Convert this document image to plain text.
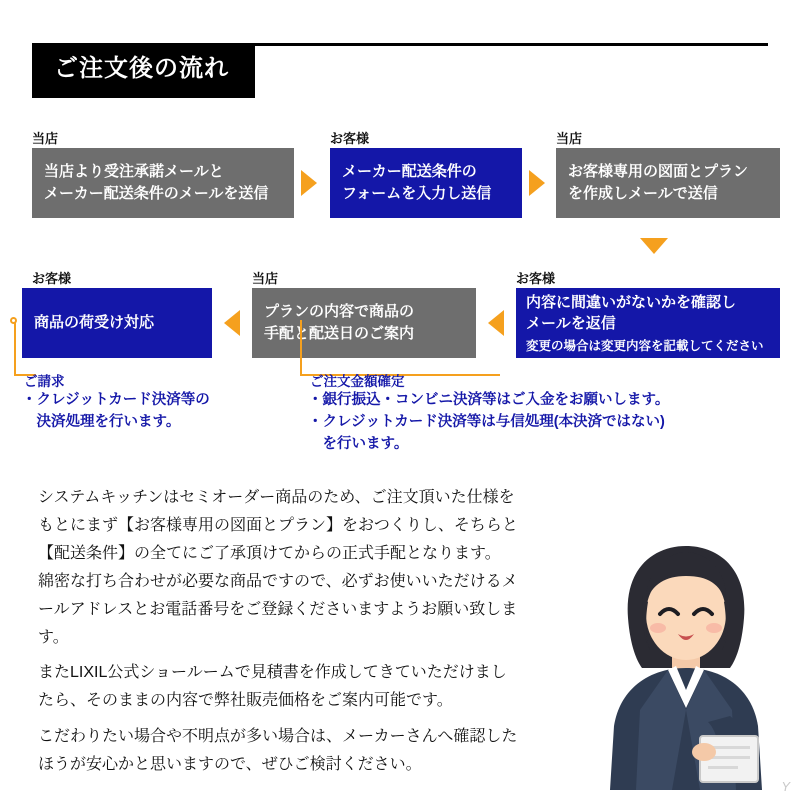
ご注文後の流れ
当店
当店より受注承諾メールと
メーカー配送条件のメールを送信
お客様
メーカー配送条件の
フォームを入力し送信
当店
お客様専用の図面とプラン
を作成しメールで送信
お客様
商品の荷受け対応
当店
プランの内容で商品の
手配と配送日のご案内
お客様
内容に間違いがないかを確認し
メールを返信
変更の場合は変更内容を記載してください
ご請求
・クレジットカード決済等の
　決済処理を行います。
ご注文金額確定
・銀行振込・コンビニ決済等はご入金をお願いします。
・クレジットカード決済等は与信処理(本決済ではない)
　を行います。

システムキッチンはセミオーダー商品のため、ご注文頂いた仕様を

もとにまず【お客様専用の図面とプラン】をおつくりし、そちらと

【配送条件】の全てにご了承頂けてからの正式手配となります。

綿密な打ち合わせが必要な商品ですので、必ずお使いいただけるメ

ールアドレスとお電話番号をご登録くださいますようお願い致しま

す。

またLIXIL公式ショールームで見積書を作成してきていただけまし

たら、そのままの内容で弊社販売価格をご案内可能です。

こだわりたい場合や不明点が多い場合は、メーカーさんへ確認した

ほうが安心かと思いますので、ぜひご検討ください。

Y
